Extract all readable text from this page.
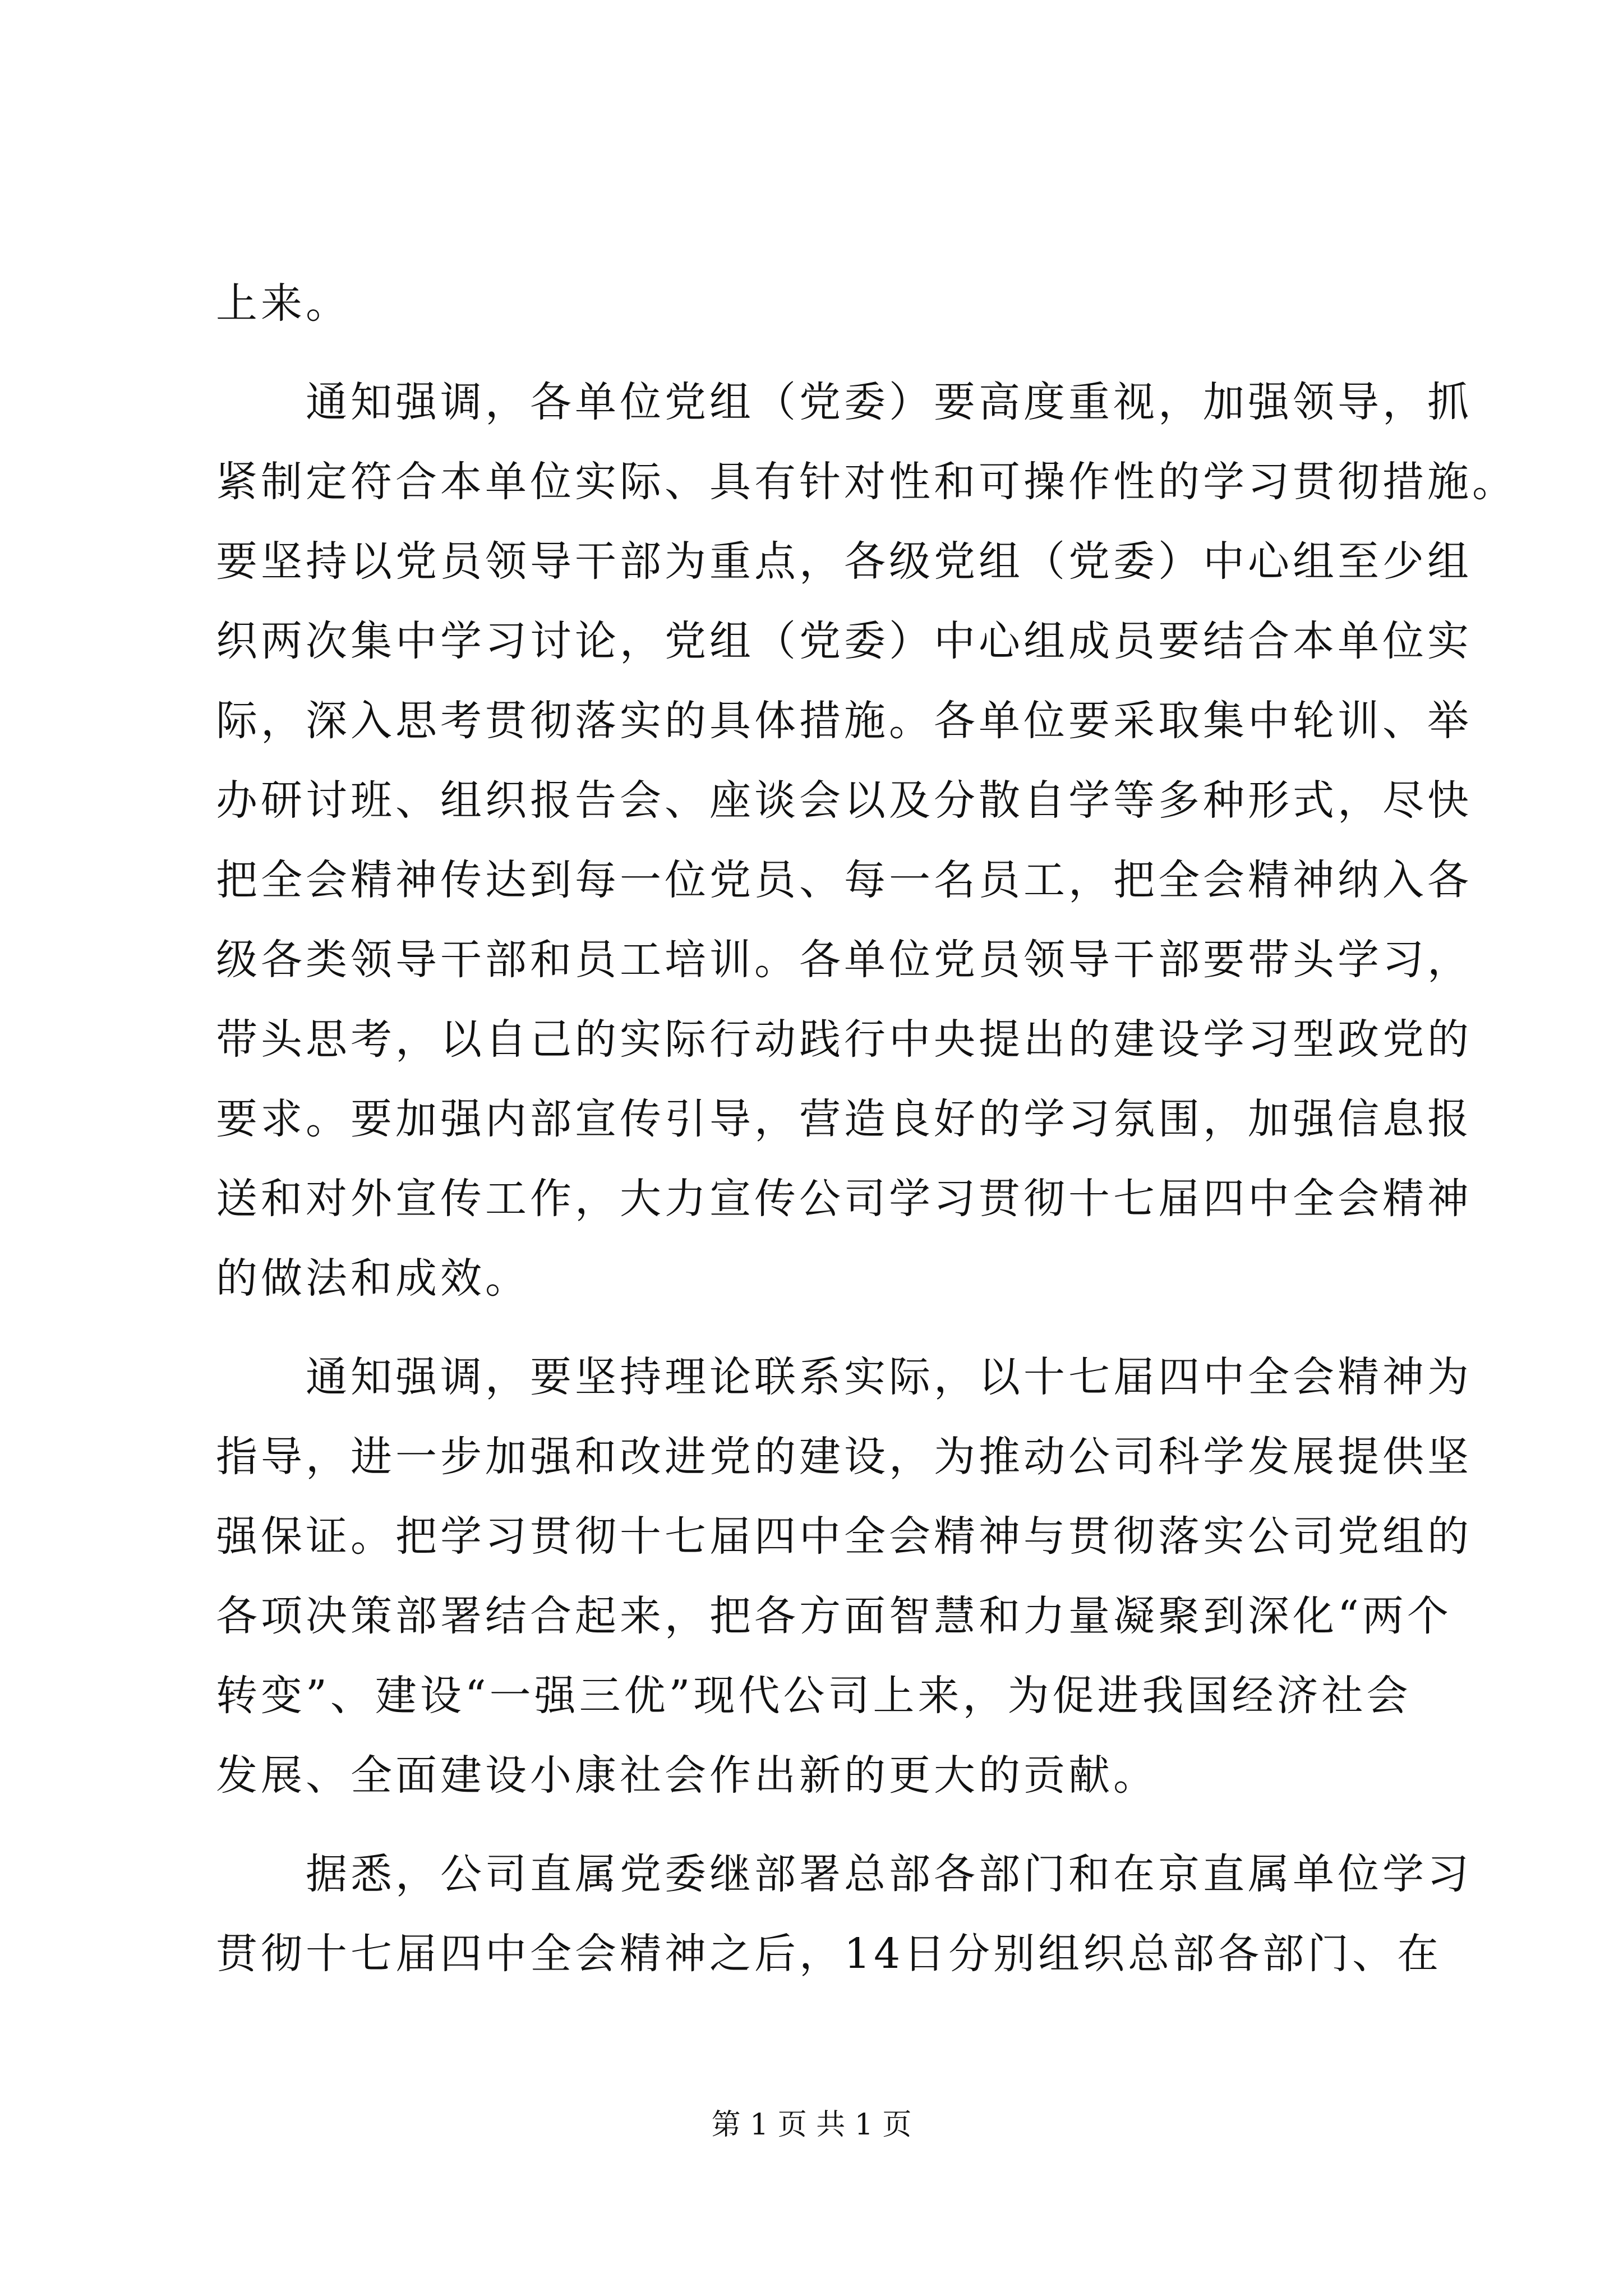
上来。
通知强调，各单位党组（党委）要高度重视，加强领导，抓
紧制定符合本单位实际、具有针对性和可操作性的学习贯彻措施。
要坚持以党员领导干部为重点，各级党组（党委）中心组至少组
织两次集中学习讨论，党组（党委）中心组成员要结合本单位实
际，深入思考贯彻落实的具体措施。各单位要采取集中轮训、举
办研讨班、组织报告会、座谈会以及分散自学等多种形式，尽快
把全会精神传达到每一位党员、每一名员工，把全会精神纳入各
级各类领导干部和员工培训。各单位党员领导干部要带头学习，
带头思考，以自己的实际行动践行中央提出的建设学习型政党的
要求。要加强内部宣传引导，营造良好的学习氛围，加强信息报
送和对外宣传工作，大力宣传公司学习贯彻十七届四中全会精神
的做法和成效。
通知强调，要坚持理论联系实际，以十七届四中全会精神为
指导，进一步加强和改进党的建设，为推动公司科学发展提供坚
强保证。把学习贯彻十七届四中全会精神与贯彻落实公司党组的
各项决策部署结合起来，把各方面智慧和力量凝聚到深化“两个
转变”、建设“一强三优”现代公司上来，为促进我国经济社会
发展、全面建设小康社会作出新的更大的贡献。
据悉，公司直属党委继部署总部各部门和在京直属单位学习
贯彻十七届四中全会精神之后，14日分别组织总部各部门、在
第 1 页 共 1 页
